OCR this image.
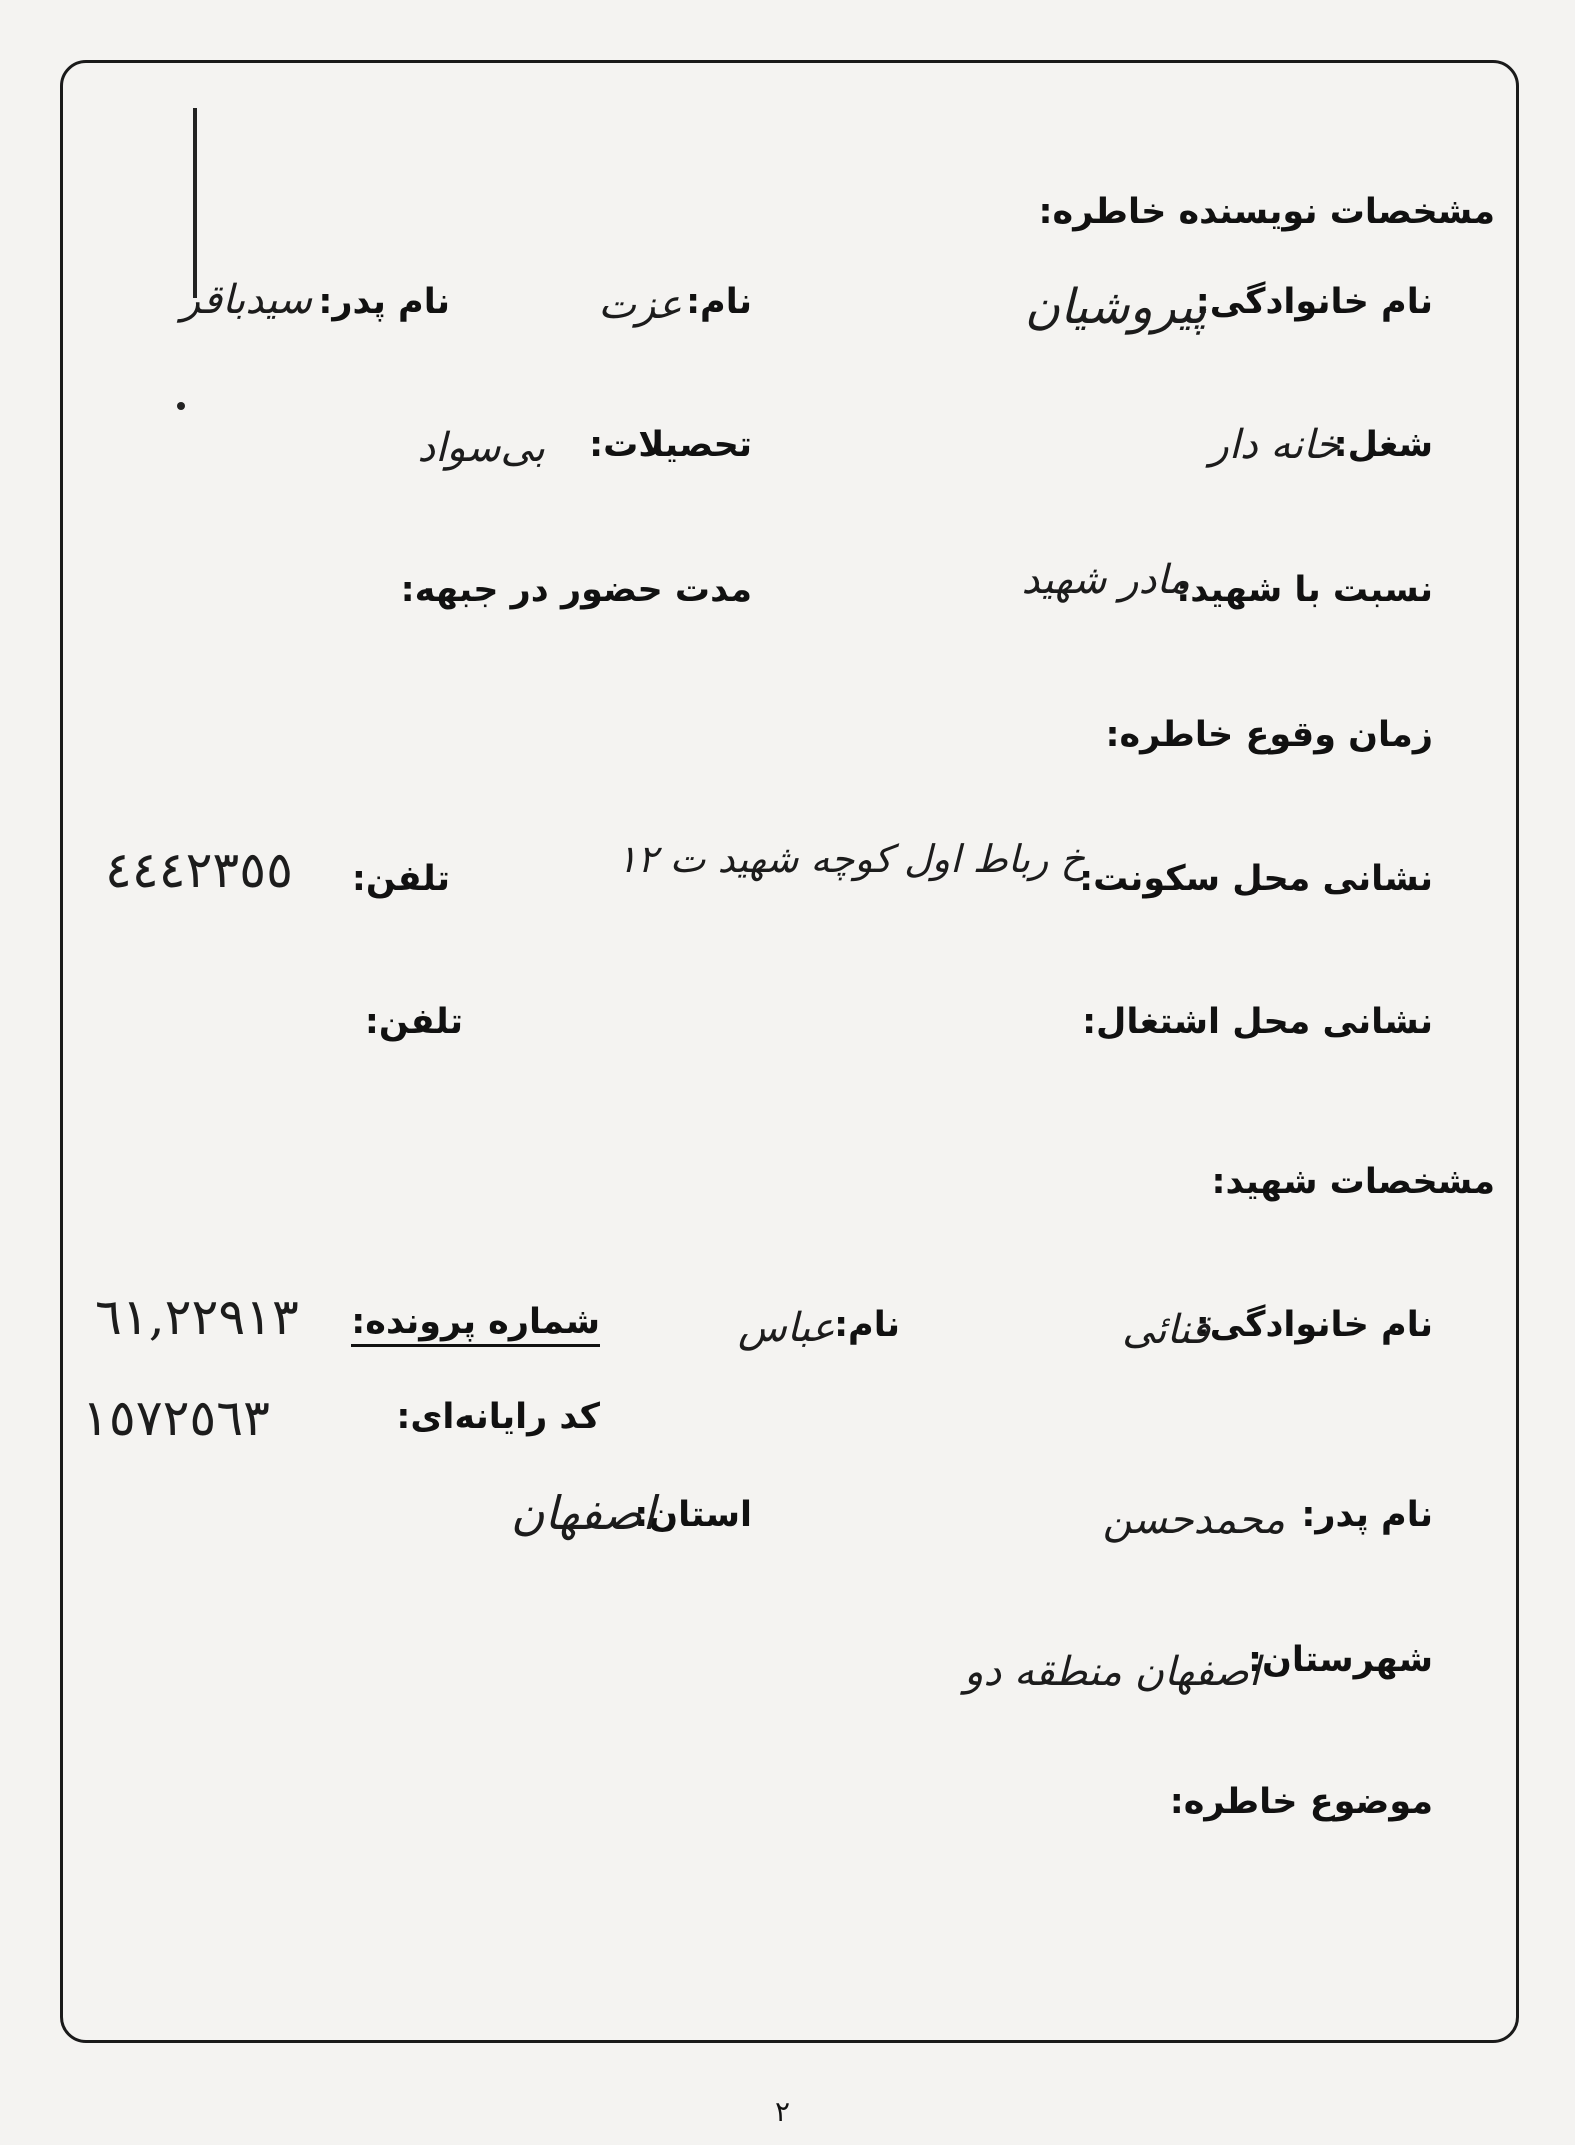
مشخصات نویسنده خاطره:
نام خانوادگی:
پیروشیان
نام:
عزت
نام پدر:
سیدباقر
شغل:
خانه دار
تحصیلات:
بی‌سواد
نسبت با شهید:
مادر شهید
مدت حضور در جبهه:
زمان وقوع خاطره:
نشانی محل سکونت:
خ رباط اول کوچه شهید ت ۱۲
تلفن:
٤٤٤٢٣٥٥
نشانی محل اشتغال:
تلفن:
مشخصات شهید:
نام خانوادگی:
قنائی
نام:
عباس
شماره پرونده:
٦١,٢٢٩١٣
کد رایانه‌ای:
١٥٧٢٥٦٣
نام پدر:
محمدحسن
استان:
اصفهان
شهرستان:
اصفهان منطقه دو
موضوع خاطره:
۲
